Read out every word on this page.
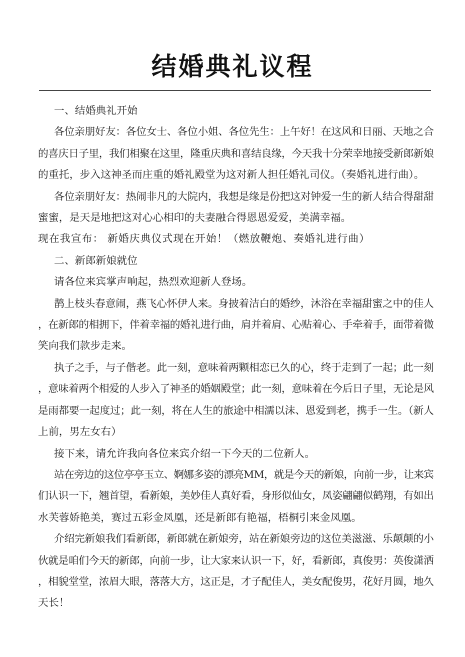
结婚典礼议程
一、结婚典礼开始
各位亲朋好友：各位女士、各位小姐、各位先生：上午好！在这风和日丽、天地之合
的喜庆日子里，我们相聚在这里，隆重庆典和喜结良缘，今天我十分荣幸地接受新郎新娘
的重托，步入这神圣而庄重的婚礼殿堂为这对新人担任婚礼司仪。（奏婚礼进行曲）。
各位亲朋好友：热闹非凡的大院内，我想是缘是份把这对钟爱一生的新人结合得甜甜
蜜蜜，是天是地把这对心心相印的夫妻融合得恩恩爱爱，美满幸福。
现在我宣布： 新婚庆典仪式现在开始！（燃放鞭炮、奏婚礼进行曲）
二、新郎新娘就位
请各位来宾掌声响起，热烈欢迎新人登场。
鹊上枝头春意闹，燕飞心怀伊人来。身披着洁白的婚纱，沐浴在幸福甜蜜之中的佳人
，在新郎的相拥下，伴着幸福的婚礼进行曲，肩并着肩、心贴着心、手牵着手，面带着微
笑向我们款步走来。
执子之手，与子偕老。此一刻，意味着两颗相恋已久的心，终于走到了一起；此一刻
，意味着两个相爱的人步入了神圣的婚姻殿堂；此一刻，意味着在今后日子里，无论是风
是雨都要一起度过；此一刻，将在人生的旅途中相濡以沫、恩爱到老，携手一生。（新人
上前，男左女右）
接下来，请允许我向各位来宾介绍一下今天的二位新人。
站在旁边的这位亭亭玉立、婀娜多姿的漂亮MM，就是今天的新娘，向前一步，让来宾
们认识一下，翘首望，看新娘，美妙佳人真好看，身形似仙女，凤姿翩翩似鹤翔，有如出
水芙蓉娇艳美，赛过五彩金凤凰，还是新郎有艳福，梧桐引来金凤凰。
介绍完新娘我们看新郎，新郎就在新娘旁，站在新娘旁边的这位美滋滋、乐颠颠的小
伙就是咱们今天的新郎，向前一步，让大家来认识一下，好，看新郎，真俊男：英俊潇洒
，相貌堂堂，浓眉大眼，落落大方，这正是，才子配佳人，美女配俊男，花好月圆，地久
天长！
